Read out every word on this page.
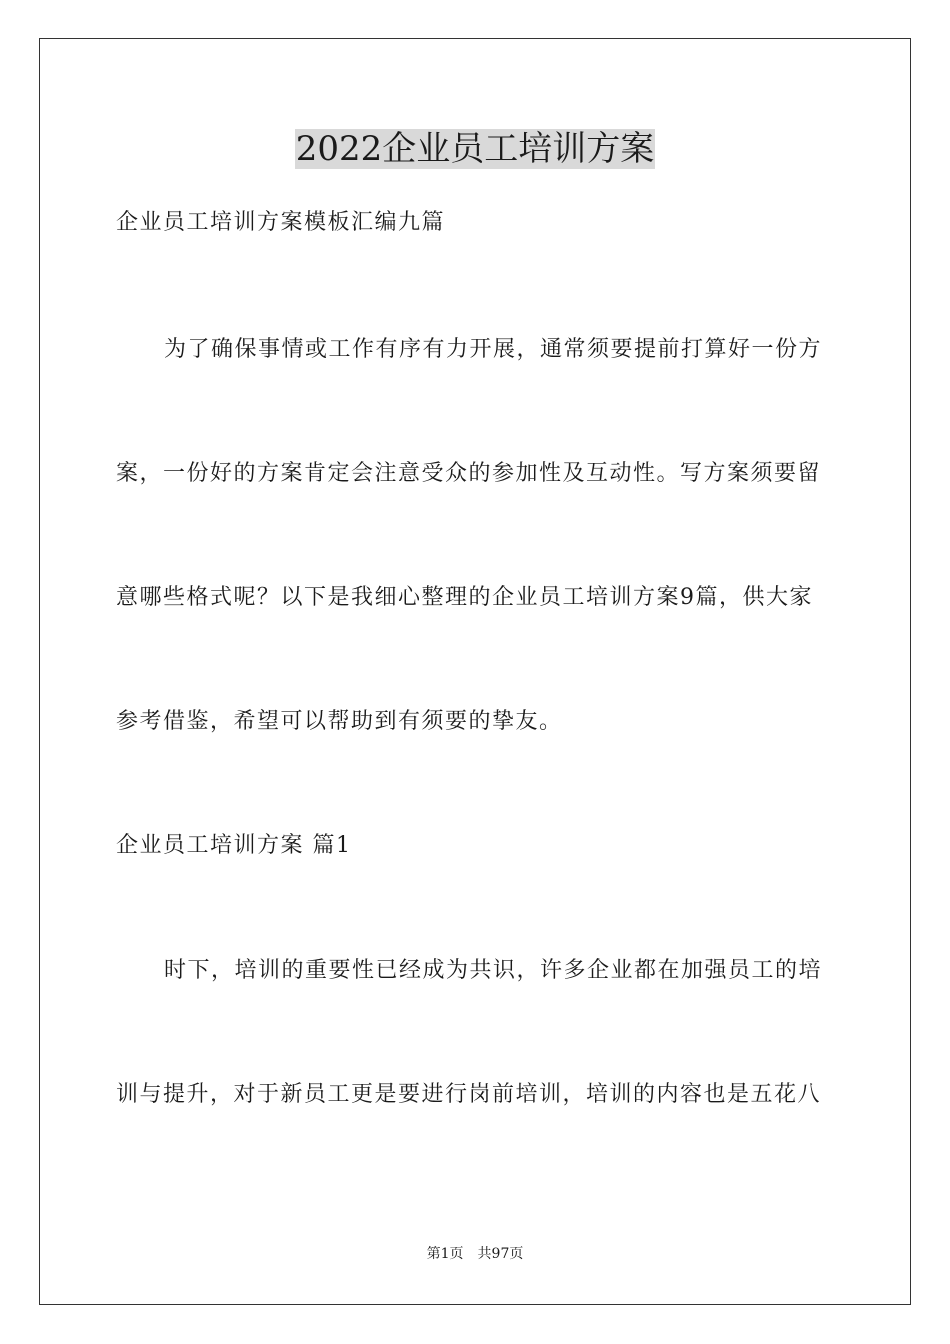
2022企业员工培训方案
企业员工培训方案模板汇编九篇
为了确保事情或工作有序有力开展，通常须要提前打算好一份方
案，一份好的方案肯定会注意受众的参加性及互动性。写方案须要留
意哪些格式呢？以下是我细心整理的企业员工培训方案9篇，供大家
参考借鉴，希望可以帮助到有须要的挚友。
企业员工培训方案 篇1
时下，培训的重要性已经成为共识，许多企业都在加强员工的培
训与提升，对于新员工更是要进行岗前培训，培训的内容也是五花八
第1页　共97页
